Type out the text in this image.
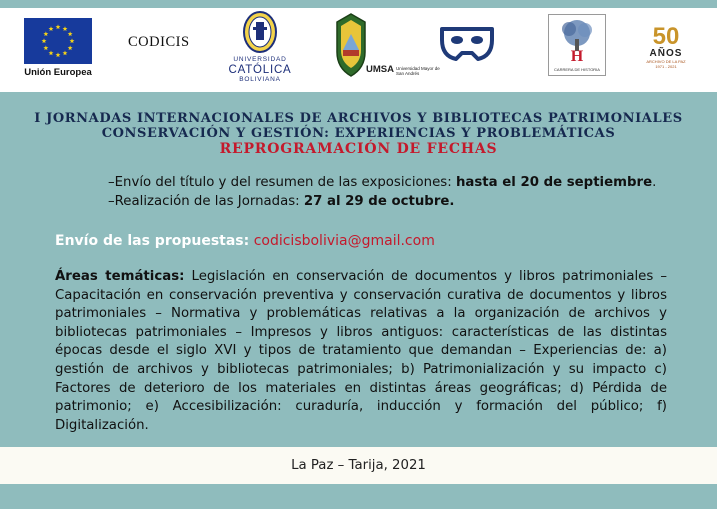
Unión Europea
CODICIS
UNIVERSIDAD
CATÓLICA
BOLIVIANA
UMSA Universidad Mayor de San Andrés
H
CARRERA DE HISTORIA
50
AÑOS
ARCHIVO DE LA PAZ
1971 - 2021
I JORNADAS INTERNACIONALES DE ARCHIVOS Y BIBLIOTECAS PATRIMONIALES
CONSERVACIÓN Y GESTIÓN: EXPERIENCIAS Y PROBLEMÁTICAS
REPROGRAMACIÓN DE FECHAS
–Envío del título y del resumen de las exposiciones: hasta el 20 de septiembre.
–Realización de las Jornadas: 27 al 29 de octubre.
Envío de las propuestas: codicisbolivia@gmail.com
Áreas temáticas: Legislación en conservación de documentos y libros patrimoniales – Capacitación en conservación preventiva y conservación curativa de documentos y libros patrimoniales – Normativa y problemáticas relativas a la organización de archivos y bibliotecas patrimoniales – Impresos y libros antiguos: características de las distintas épocas desde el siglo XVI y tipos de tratamiento que demandan – Experiencias de: a) gestión de archivos y bibliotecas patrimoniales; b) Patrimonialización y su impacto c) Factores de deterioro de los materiales en distintas áreas geográficas; d) Pérdida de patrimonio; e) Accesibilización: curaduría, inducción y formación del público; f) Digitalización.
La Paz – Tarija, 2021
